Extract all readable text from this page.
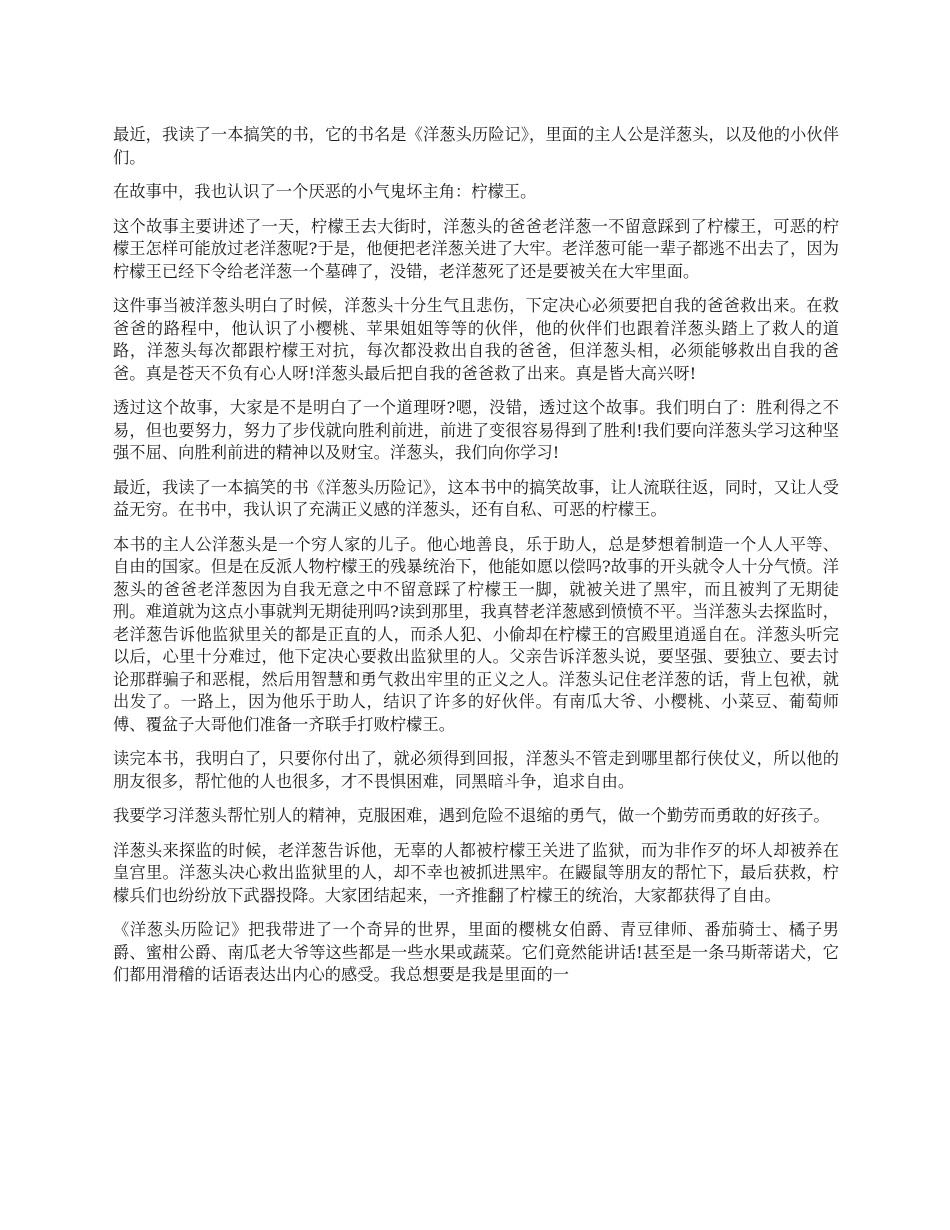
最近，我读了一本搞笑的书，它的书名是《洋葱头历险记》，里面的主人公是洋葱头，以及他的小伙伴们。

在故事中，我也认识了一个厌恶的小气鬼坏主角：柠檬王。

这个故事主要讲述了一天，柠檬王去大街时，洋葱头的爸爸老洋葱一不留意踩到了柠檬王，可恶的柠檬王怎样可能放过老洋葱呢?于是，他便把老洋葱关进了大牢。老洋葱可能一辈子都逃不出去了，因为柠檬王已经下令给老洋葱一个墓碑了，没错，老洋葱死了还是要被关在大牢里面。

这件事当被洋葱头明白了时候，洋葱头十分生气且悲伤，下定决心必须要把自我的爸爸救出来。在救爸爸的路程中，他认识了小樱桃、苹果姐姐等等的伙伴，他的伙伴们也跟着洋葱头踏上了救人的道路，洋葱头每次都跟柠檬王对抗，每次都没救出自我的爸爸，但洋葱头相，必须能够救出自我的爸爸。真是苍天不负有心人呀!洋葱头最后把自我的爸爸救了出来。真是皆大高兴呀!

透过这个故事，大家是不是明白了一个道理呀?嗯，没错，透过这个故事。我们明白了：胜利得之不易，但也要努力，努力了步伐就向胜利前进，前进了变很容易得到了胜利!我们要向洋葱头学习这种坚强不屈、向胜利前进的精神以及财宝。洋葱头，我们向你学习!

最近，我读了一本搞笑的书《洋葱头历险记》，这本书中的搞笑故事，让人流联往返，同时，又让人受益无穷。在书中，我认识了充满正义感的洋葱头，还有自私、可恶的柠檬王。

本书的主人公洋葱头是一个穷人家的儿子。他心地善良，乐于助人，总是梦想着制造一个人人平等、自由的国家。但是在反派人物柠檬王的残暴统治下，他能如愿以偿吗?故事的开头就令人十分气愤。洋葱头的爸爸老洋葱因为自我无意之中不留意踩了柠檬王一脚，就被关进了黑牢，而且被判了无期徒刑。难道就为这点小事就判无期徒刑吗?读到那里，我真替老洋葱感到愤愤不平。当洋葱头去探监时，老洋葱告诉他监狱里关的都是正直的人，而杀人犯、小偷却在柠檬王的宫殿里逍遥自在。洋葱头听完以后，心里十分难过，他下定决心要救出监狱里的人。父亲告诉洋葱头说，要坚强、要独立、要去讨论那群骗子和恶棍，然后用智慧和勇气救出牢里的正义之人。洋葱头记住老洋葱的话，背上包袱，就出发了。一路上，因为他乐于助人，结识了许多的好伙伴。有南瓜大爷、小樱桃、小菜豆、葡萄师傅、覆盆子大哥他们准备一齐联手打败柠檬王。

读完本书，我明白了，只要你付出了，就必须得到回报，洋葱头不管走到哪里都行侠仗义，所以他的朋友很多，帮忙他的人也很多，才不畏惧困难，同黑暗斗争，追求自由。

我要学习洋葱头帮忙别人的精神，克服困难，遇到危险不退缩的勇气，做一个勤劳而勇敢的好孩子。

洋葱头来探监的时候，老洋葱告诉他，无辜的人都被柠檬王关进了监狱，而为非作歹的坏人却被养在皇宫里。洋葱头决心救出监狱里的人，却不幸也被抓进黑牢。在鼹鼠等朋友的帮忙下，最后获救，柠檬兵们也纷纷放下武器投降。大家团结起来，一齐推翻了柠檬王的统治，大家都获得了自由。

《洋葱头历险记》把我带进了一个奇异的世界，里面的樱桃女伯爵、青豆律师、番茄骑士、橘子男爵、蜜柑公爵、南瓜老大爷等这些都是一些水果或蔬菜。它们竟然能讲话!甚至是一条马斯蒂诺犬，它们都用滑稽的话语表达出内心的感受。我总想要是我是里面的一
